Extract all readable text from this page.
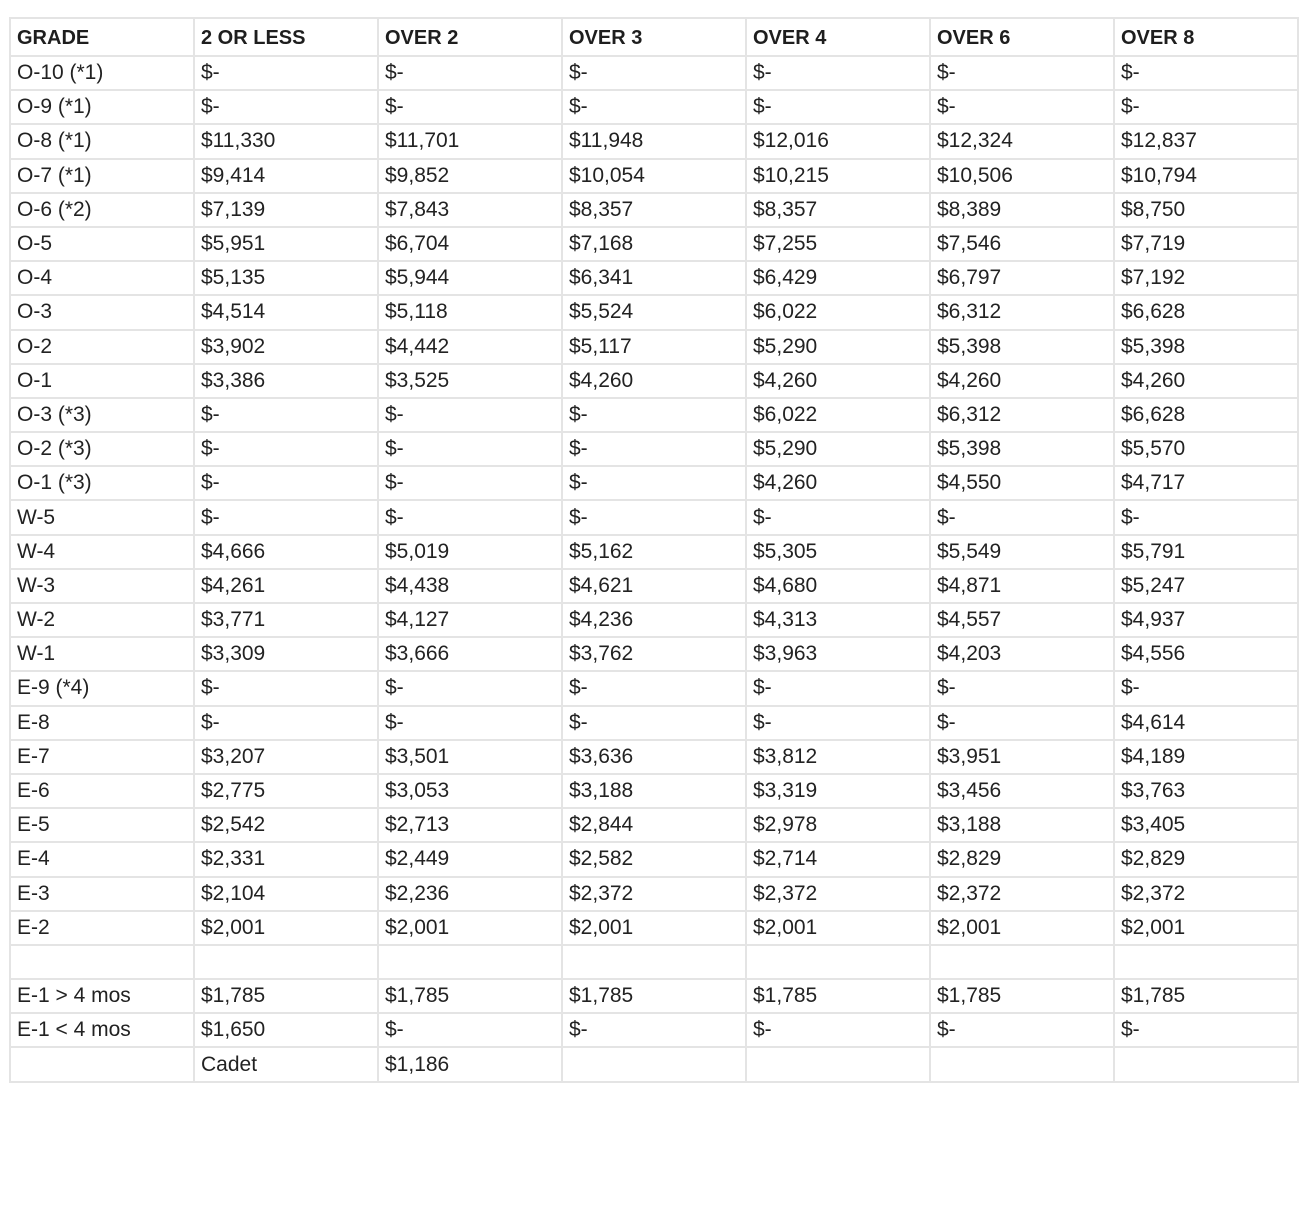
GRADE	2 OR LESS	OVER 2	OVER 3	OVER 4	OVER 6	OVER 8
O-10 (*1)	$-	$-	$-	$-	$-	$-
O-9 (*1)	$-	$-	$-	$-	$-	$-
O-8 (*1)	$11,330	$11,701	$11,948	$12,016	$12,324	$12,837
O-7 (*1)	$9,414	$9,852	$10,054	$10,215	$10,506	$10,794
O-6 (*2)	$7,139	$7,843	$8,357	$8,357	$8,389	$8,750
O-5	$5,951	$6,704	$7,168	$7,255	$7,546	$7,719
O-4	$5,135	$5,944	$6,341	$6,429	$6,797	$7,192
O-3	$4,514	$5,118	$5,524	$6,022	$6,312	$6,628
O-2	$3,902	$4,442	$5,117	$5,290	$5,398	$5,398
O-1	$3,386	$3,525	$4,260	$4,260	$4,260	$4,260
O-3 (*3)	$-	$-	$-	$6,022	$6,312	$6,628
O-2 (*3)	$-	$-	$-	$5,290	$5,398	$5,570
O-1 (*3)	$-	$-	$-	$4,260	$4,550	$4,717
W-5	$-	$-	$-	$-	$-	$-
W-4	$4,666	$5,019	$5,162	$5,305	$5,549	$5,791
W-3	$4,261	$4,438	$4,621	$4,680	$4,871	$5,247
W-2	$3,771	$4,127	$4,236	$4,313	$4,557	$4,937
W-1	$3,309	$3,666	$3,762	$3,963	$4,203	$4,556
E-9 (*4)	$-	$-	$-	$-	$-	$-
E-8	$-	$-	$-	$-	$-	$4,614
E-7	$3,207	$3,501	$3,636	$3,812	$3,951	$4,189
E-6	$2,775	$3,053	$3,188	$3,319	$3,456	$3,763
E-5	$2,542	$2,713	$2,844	$2,978	$3,188	$3,405
E-4	$2,331	$2,449	$2,582	$2,714	$2,829	$2,829
E-3	$2,104	$2,236	$2,372	$2,372	$2,372	$2,372
E-2	$2,001	$2,001	$2,001	$2,001	$2,001	$2,001

E-1 > 4 mos	$1,785	$1,785	$1,785	$1,785	$1,785	$1,785
E-1 < 4 mos	$1,650	$-	$-	$-	$-	$-
	Cadet	$1,186				
